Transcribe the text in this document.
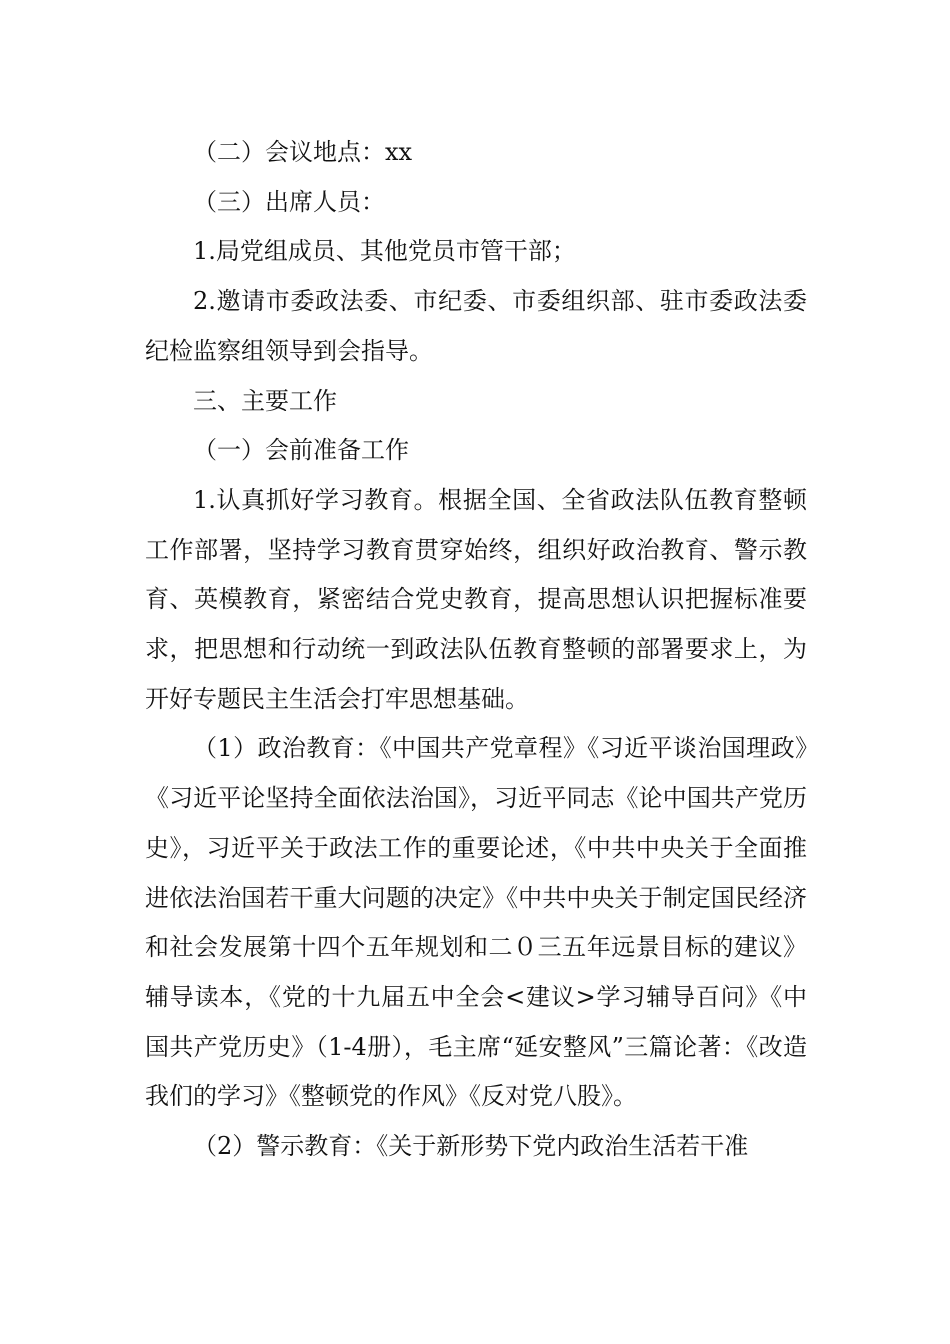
（二）会议地点：xx

（三）出席人员：

1.局党组成员、其他党员市管干部；

2.邀请市委政法委、市纪委、市委组织部、驻市委政法委纪检监察组领导到会指导。

三、主要工作

（一）会前准备工作

1.认真抓好学习教育。根据全国、全省政法队伍教育整顿工作部署，坚持学习教育贯穿始终，组织好政治教育、警示教育、英模教育，紧密结合党史教育，提高思想认识把握标准要求，把思想和行动统一到政法队伍教育整顿的部署要求上，为开好专题民主生活会打牢思想基础。

（1）政治教育：《中国共产党章程》《习近平谈治国理政》《习近平论坚持全面依法治国》，习近平同志《论中国共产党历史》，习近平关于政法工作的重要论述，《中共中央关于全面推进依法治国若干重大问题的决定》《中共中央关于制定国民经济和社会发展第十四个五年规划和二０三五年远景目标的建议》辅导读本，《党的十九届五中全会<建议>学习辅导百问》《中国共产党历史》（1-4册），毛主席“延安整风”三篇论著：《改造我们的学习》《整顿党的作风》《反对党八股》。

（2）警示教育：《关于新形势下党内政治生活若干准
